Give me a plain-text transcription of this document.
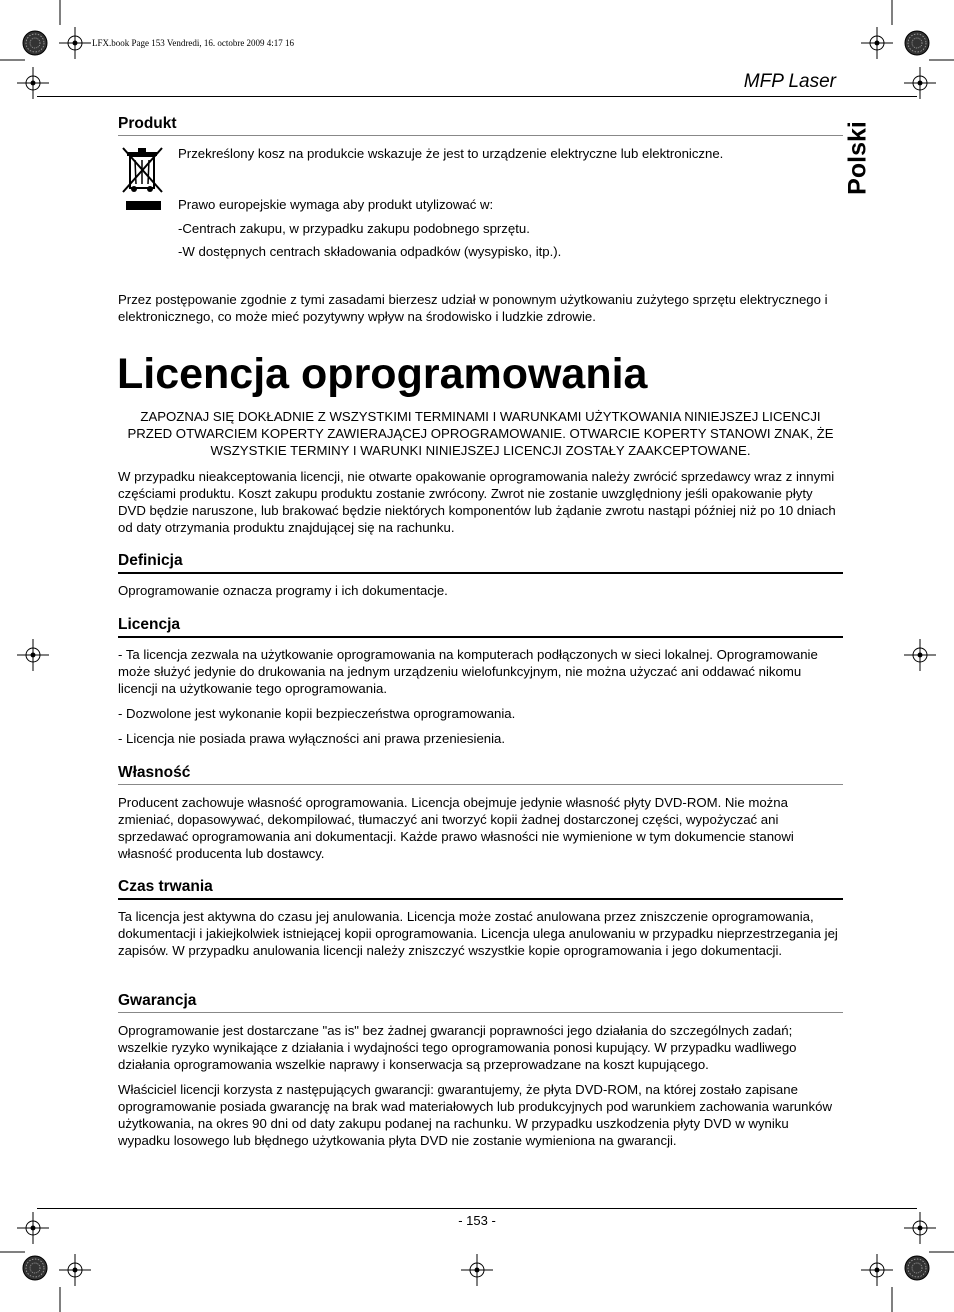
LFX.book Page 153 Vendredi, 16. octobre 2009 4:17 16
MFP Laser
Polski
Produkt

Przekreślony kosz na produkcie wskazuje że jest to urządzenie elektryczne lub elektroniczne.

Prawo europejskie wymaga aby produkt utylizować w:

-Centrach zakupu, w przypadku zakupu podobnego sprzętu.

-W dostępnych centrach składowania odpadków (wysypisko, itp.).

Przez postępowanie zgodnie z tymi zasadami bierzesz udział w ponownym użytkowaniu zużytego sprzętu elektrycznego i elektronicznego, co może mieć pozytywny wpływ na środowisko i ludzkie zdrowie.

Licencja oprogramowania

ZAPOZNAJ SIĘ DOKŁADNIE Z WSZYSTKIMI TERMINAMI I WARUNKAMI UŻYTKOWANIA NINIEJSZEJ LICENCJI PRZED OTWARCIEM KOPERTY ZAWIERAJĄCEJ OPROGRAMOWANIE. OTWARCIE KOPERTY STANOWI ZNAK, ŻE WSZYSTKIE TERMINY I WARUNKI NINIEJSZEJ LICENCJI ZOSTAŁY ZAAKCEPTOWANE.

W przypadku nieakceptowania licencji, nie otwarte opakowanie oprogramowania należy zwrócić sprzedawcy wraz z innymi częściami produktu. Koszt zakupu produktu zostanie zwrócony. Zwrot nie zostanie uwzględniony jeśli opakowanie płyty DVD będzie naruszone, lub brakować będzie niektórych komponentów lub żądanie zwrotu nastąpi później niż po 10 dniach od daty otrzymania produktu znajdującej się na rachunku.

Definicja

Oprogramowanie oznacza programy i ich dokumentacje.

Licencja

- Ta licencja zezwala na użytkowanie oprogramowania na komputerach podłączonych w sieci lokalnej. Oprogramowanie może służyć jedynie do drukowania na jednym urządzeniu wielofunkcyjnym, nie można użyczać ani oddawać nikomu licencji na użytkowanie tego oprogramowania.

- Dozwolone jest wykonanie kopii bezpieczeństwa oprogramowania.

- Licencja nie posiada prawa wyłączności ani prawa przeniesienia.

Własność

Producent zachowuje własność oprogramowania. Licencja obejmuje jedynie własność płyty DVD-ROM. Nie można zmieniać, dopasowywać, dekompilować, tłumaczyć ani tworzyć kopii żadnej dostarczonej części, wypożyczać ani sprzedawać oprogramowania ani dokumentacji. Każde prawo własności nie wymienione w tym dokumencie stanowi własność producenta lub dostawcy.

Czas trwania

Ta licencja jest aktywna do czasu jej anulowania. Licencja może zostać anulowana przez zniszczenie oprogramowania, dokumentacji i jakiejkolwiek istniejącej kopii oprogramowania. Licencja ulega anulowaniu w przypadku nieprzestrzegania jej zapisów. W przypadku anulowania licencji należy zniszczyć wszystkie kopie oprogramowania i jego dokumentacji.

Gwarancja

Oprogramowanie jest dostarczane "as is" bez żadnej gwarancji poprawności jego działania do szczególnych zadań; wszelkie ryzyko wynikające z działania i wydajności tego oprogramowania ponosi kupujący. W przypadku wadliwego działania oprogramowania wszelkie naprawy i konserwacja są przeprowadzane na koszt kupującego.

Właściciel licencji korzysta z następujących gwarancji: gwarantujemy, że płyta DVD-ROM, na której zostało zapisane oprogramowanie posiada gwarancję na brak wad materiałowych lub produkcyjnych pod warunkiem zachowania warunków użytkowania, na okres 90 dni od daty zakupu podanej na rachunku. W przypadku uszkodzenia płyty DVD w wyniku wypadku losowego lub błędnego użytkowania płyta DVD nie zostanie wymieniona na gwarancji.

- 153 -
